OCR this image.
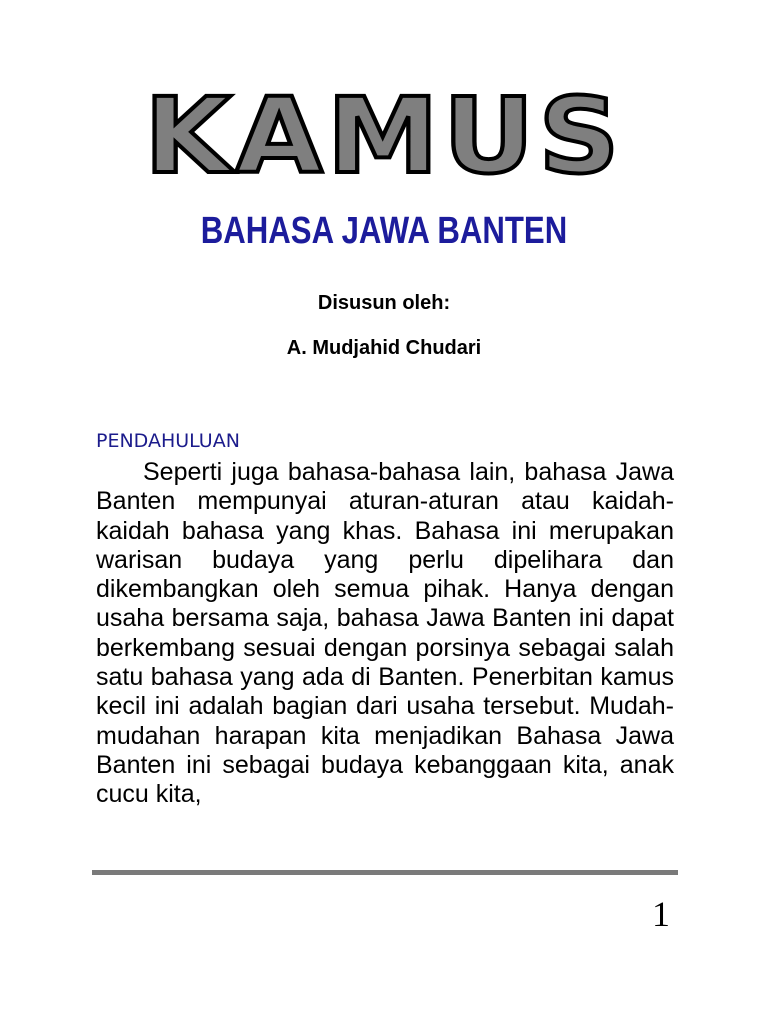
KAMUS
BAHASA JAWA BANTEN
Disusun oleh:
A. Mudjahid Chudari
PENDAHULUAN

Seperti juga bahasa-bahasa lain, bahasa Jawa Banten mempunyai aturan-aturan atau kaidah-kaidah bahasa yang khas. Bahasa ini merupakan warisan budaya yang perlu dipelihara dan dikembangkan oleh semua pihak. Hanya dengan usaha bersama saja, bahasa Jawa Banten ini dapat berkembang sesuai dengan porsinya sebagai salah satu bahasa yang ada di Banten. Penerbitan kamus kecil ini adalah bagian dari usaha tersebut. Mudah-mudahan harapan kita menjadikan Bahasa Jawa Banten ini sebagai budaya kebanggaan kita, anak cucu kita,

1
